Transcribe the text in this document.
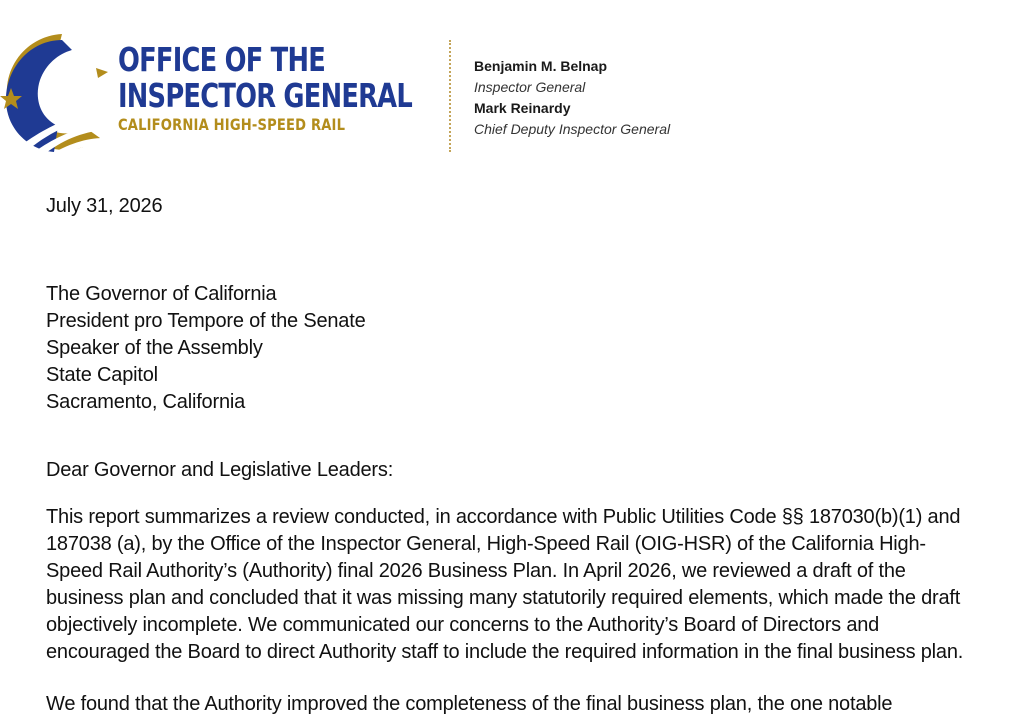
OFFICE OF THE
INSPECTOR GENERAL
CALIFORNIA HIGH-SPEED RAIL
Benjamin M. Belnap
Inspector General
Mark Reinardy
Chief Deputy Inspector General
July 31, 2026
The Governor of California
President pro Tempore of the Senate
Speaker of the Assembly
State Capitol
Sacramento, California
Dear Governor and Legislative Leaders:
This report summarizes a review conducted, in accordance with Public Utilities Code §§ 187030(b)(1) and
187038 (a), by the Office of the Inspector General, High-Speed Rail (OIG-HSR) of the California High-
Speed Rail Authority’s (Authority) final 2026 Business Plan. In April 2026, we reviewed a draft of the
business plan and concluded that it was missing many statutorily required elements, which made the draft
objectively incomplete. We communicated our concerns to the Authority’s Board of Directors and
encouraged the Board to direct Authority staff to include the required information in the final business plan.
We found that the Authority improved the completeness of the final business plan, the one notable
